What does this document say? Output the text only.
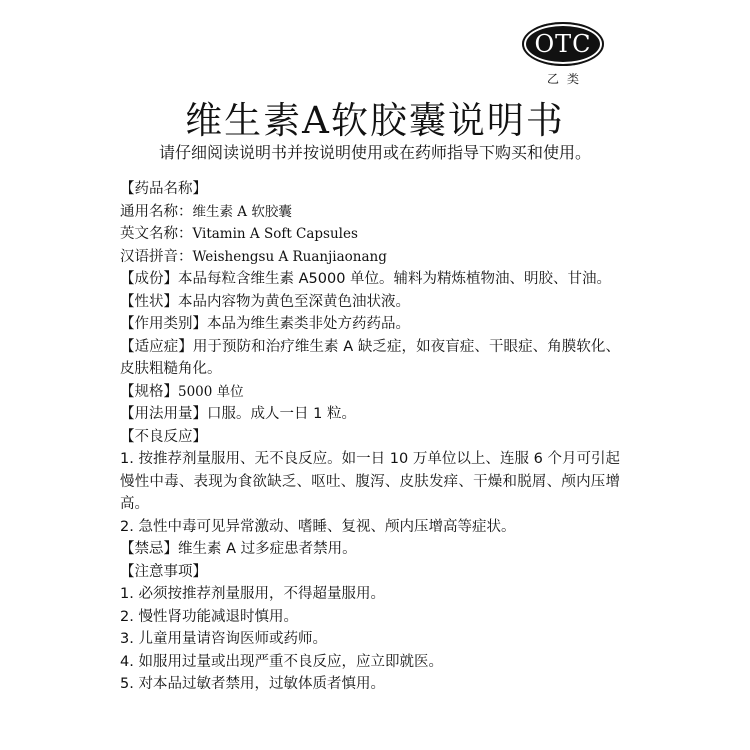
OTC
乙类
维生素A软胶囊说明书

请仔细阅读说明书并按说明使用或在药师指导下购买和使用。

【药品名称】
通用名称：维生素 A 软胶囊
英文名称：Vitamin A Soft Capsules
汉语拼音：Weishengsu A Ruanjiaonang
【成份】本品每粒含维生素 A5000 单位。辅料为精炼植物油、明胶、甘油。
【性状】本品内容物为黄色至深黄色油状液。
【作用类别】本品为维生素类非处方药药品。
【适应症】用于预防和治疗维生素 A 缺乏症，如夜盲症、干眼症、角膜软化、皮肤粗糙角化。
【规格】5000 单位
【用法用量】口服。成人一日 1 粒。
【不良反应】
1. 按推荐剂量服用、无不良反应。如一日 10 万单位以上、连服 6 个月可引起慢性中毒、表现为食欲缺乏、呕吐、腹泻、皮肤发痒、干燥和脱屑、颅内压增高。
2. 急性中毒可见异常激动、嗜睡、复视、颅内压增高等症状。
【禁忌】维生素 A 过多症患者禁用。
【注意事项】
1. 必须按推荐剂量服用，不得超量服用。
2. 慢性肾功能减退时慎用。
3. 儿童用量请咨询医师或药师。
4. 如服用过量或出现严重不良反应，应立即就医。
5. 对本品过敏者禁用，过敏体质者慎用。
